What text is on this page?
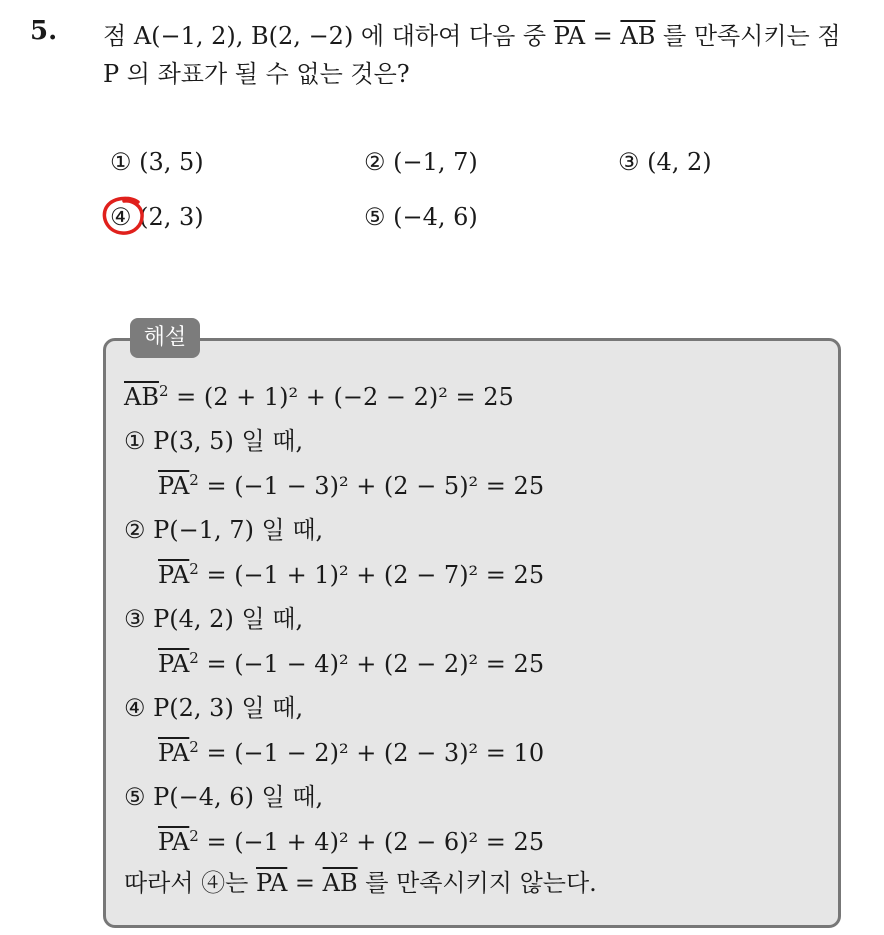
5. 점 A(−1, 2), B(2, −2) 에 대하여 다음 중 $\overline{PA} = \overline{AB}$ 를 만족시키는 점
P 의 좌표가 될 수 없는 것은?
① (3, 5)	② (−1, 7)	③ (4, 2)
④ (2, 3)	⑤ (−4, 6)
해설
$\overline{AB}^2 = (2 + 1)^2 + (-2 - 2)^2 = 25$
① P(3, 5) 일 때,
$\overline{PA}^2 = (-1 - 3)^2 + (2 - 5)^2 = 25$
② P(−1, 7) 일 때,
$\overline{PA}^2 = (-1 + 1)^2 + (2 - 7)^2 = 25$
③ P(4, 2) 일 때,
$\overline{PA}^2 = (-1 - 4)^2 + (2 - 2)^2 = 25$
④ P(2, 3) 일 때,
$\overline{PA}^2 = (-1 - 2)^2 + (2 - 3)^2 = 10$
⑤ P(−4, 6) 일 때,
$\overline{PA}^2 = (-1 + 4)^2 + (2 - 6)^2 = 25$
따라서 ④는 $\overline{PA} = \overline{AB}$ 를 만족시키지 않는다.
